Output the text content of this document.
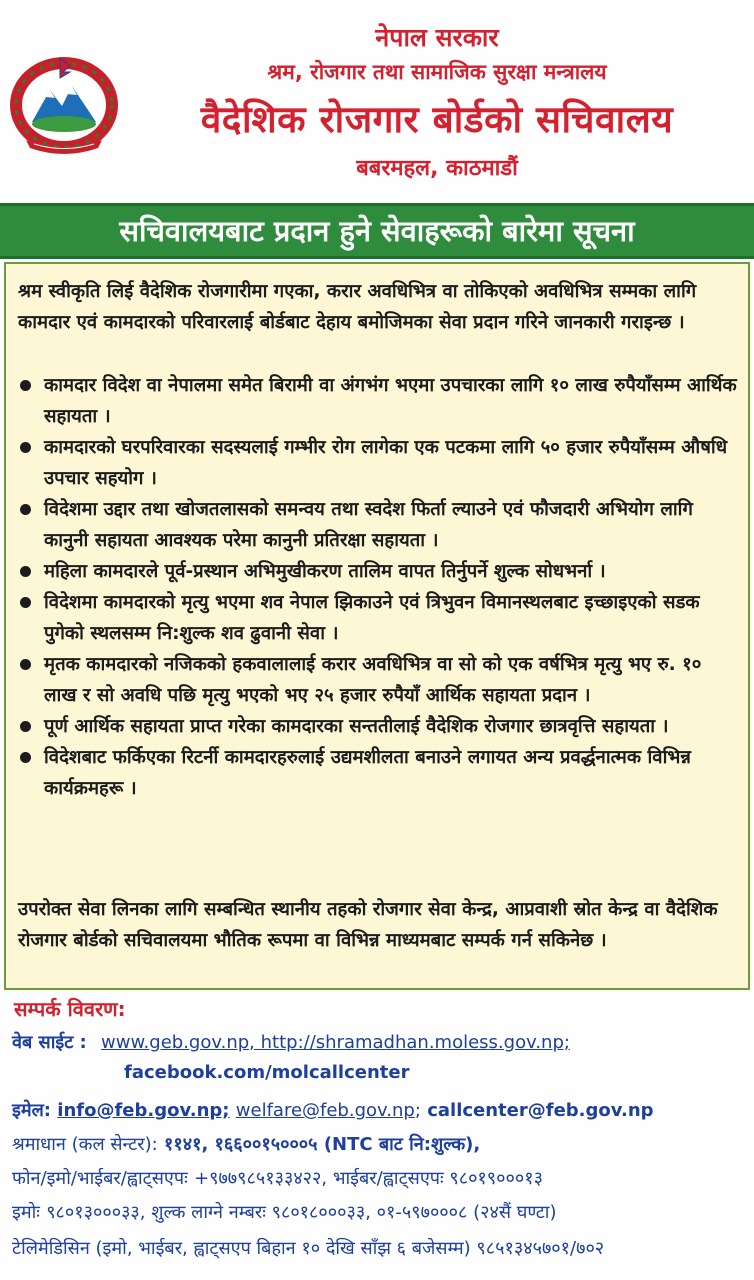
नेपाल सरकार
श्रम, रोजगार तथा सामाजिक सुरक्षा मन्त्रालय
वैदेशिक रोजगार बोर्डको सचिवालय
बबरमहल, काठमाडौं
सचिवालयबाट प्रदान हुने सेवाहरूको बारेमा सूचना

श्रम स्वीकृति लिई वैदेशिक रोजगारीमा गएका, करार अवधिभित्र वा तोकिएको अवधिभित्र सम्मका लागि कामदार एवं कामदारको परिवारलाई बोर्डबाट देहाय बमोजिमका सेवा प्रदान गरिने जानकारी गराइन्छ ।

कामदार विदेश वा नेपालमा समेत बिरामी वा अंगभंग भएमा उपचारका लागि १० लाख रुपैयाँसम्म आर्थिक सहायता ।
कामदारको घरपरिवारका सदस्यलाई गम्भीर रोग लागेका एक पटकमा लागि ५० हजार रुपैयाँसम्म औषधि उपचार सहयोग ।
विदेशमा उद्दार तथा खोजतलासको समन्वय तथा स्वदेश फिर्ता ल्याउने एवं फौजदारी अभियोग लागि कानुनी सहायता आवश्यक परेमा कानुनी प्रतिरक्षा सहायता ।
महिला कामदारले पूर्व-प्रस्थान अभिमुखीकरण तालिम वापत तिर्नुपर्ने शुल्क सोधभर्ना ।
विदेशमा कामदारको मृत्यु भएमा शव नेपाल झिकाउने एवं त्रिभुवन विमानस्थलबाट इच्छाइएको सडक पुगेको स्थलसम्म नि:शुल्क शव ढुवानी सेवा ।
मृतक कामदारको नजिकको हकवालालाई करार अवधिभित्र वा सो को एक वर्षभित्र मृत्यु भए रु. १० लाख र सो अवधि पछि मृत्यु भएको भए २५ हजार रुपैयाँ आर्थिक सहायता प्रदान ।
पूर्ण आर्थिक सहायता प्राप्त गरेका कामदारका सन्ततीलाई वैदेशिक रोजगार छात्रवृत्ति सहायता ।
विदेशबाट फर्किएका रिटर्नी कामदारहरुलाई उद्यमशीलता बनाउने लगायत अन्य प्रवर्द्धनात्मक विभिन्न कार्यक्रमहरू ।

उपरोक्त सेवा लिनका लागि सम्बन्धित स्थानीय तहको रोजगार सेवा केन्द्र, आप्रवाशी स्रोत केन्द्र वा वैदेशिक रोजगार बोर्डको सचिवालयमा भौतिक रूपमा वा विभिन्न माध्यमबाट सम्पर्क गर्न सकिनेछ ।

सम्पर्क विवरण:
वेब साईट : www.geb.gov.np, http://shramadhan.moless.gov.np;
facebook.com/molcallcenter
इमेल: info@feb.gov.np; welfare@feb.gov.np; callcenter@feb.gov.np
श्रमाधान (कल सेन्टर): ११४१, १६६००१५०००५ (NTC बाट नि:शुल्क),
फोन/इमो/भाईबर/ह्वाट्सएपः +९७७९८५१३३४२२, भाईबर/ह्वाट्सएपः ९८०१९०००१३
इमोः ९८०१३०००३३, शुल्क लाग्ने नम्बरः ९८०१८०००३३, ०१-५९७०००८ (२४सैं घण्टा)
टेलिमेडिसिन (इमो, भाईबर, ह्वाट्सएप बिहान १० देखि साँझ ६ बजेसम्म) ९८५१३४५७०१/७०२
